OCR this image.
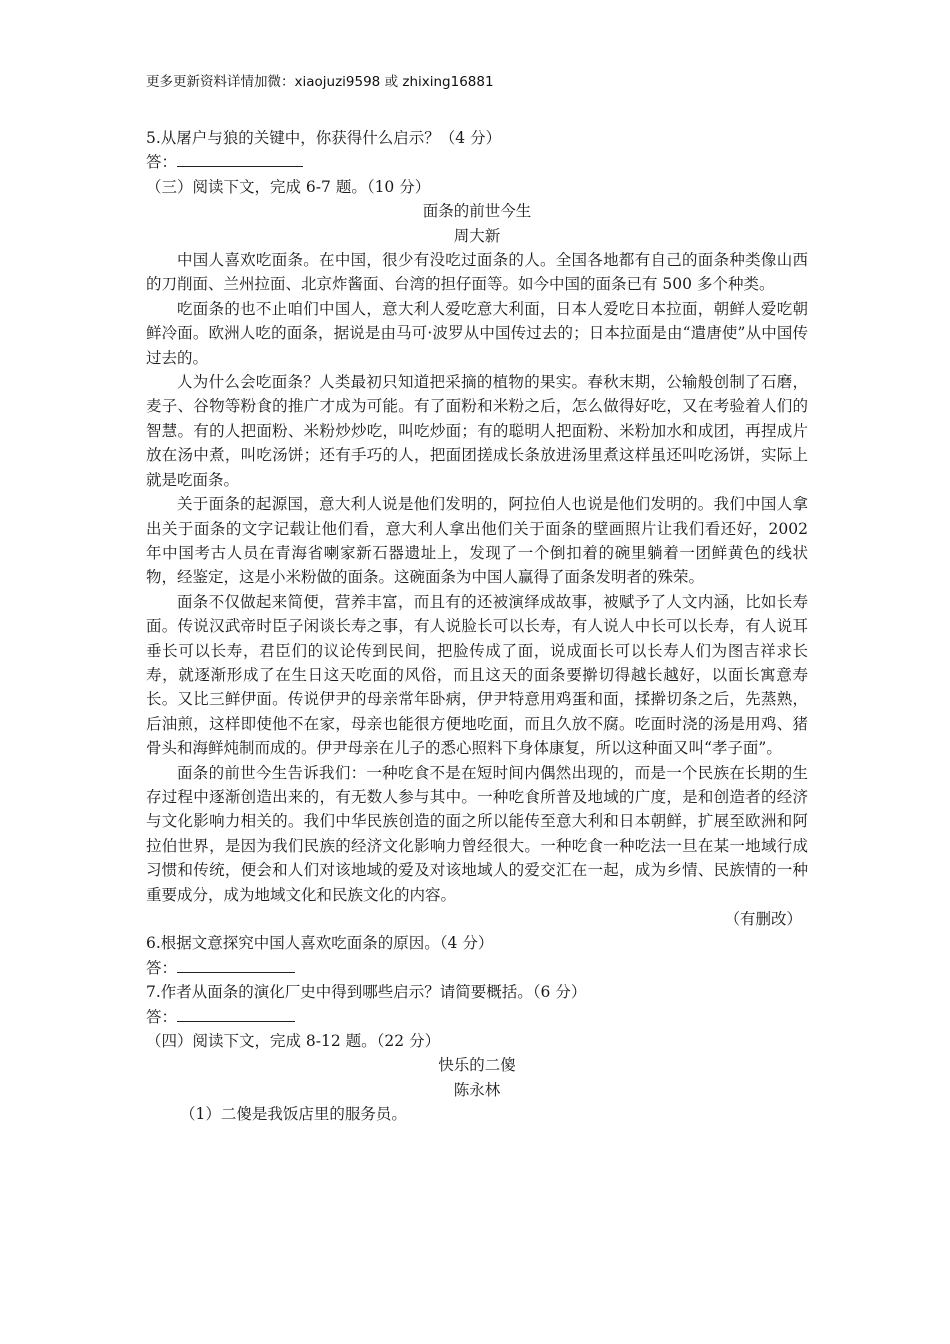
更多更新资料详情加微：xiaojuzi9598 或 zhixing16881

5.从屠户与狼的关键中，你获得什么启示？（4 分）

答：

（三）阅读下文，完成 6-7 题。（10 分）

面条的前世今生

周大新

中国人喜欢吃面条。在中国，很少有没吃过面条的人。全国各地都有自己的面条种类像山西的刀削面、兰州拉面、北京炸酱面、台湾的担仔面等。如今中国的面条已有 500 多个种类。

吃面条的也不止咱们中国人，意大利人爱吃意大利面，日本人爱吃日本拉面，朝鲜人爱吃朝鲜冷面。欧洲人吃的面条，据说是由马可·波罗从中国传过去的；日本拉面是由“遣唐使”从中国传过去的。

人为什么会吃面条？人类最初只知道把采摘的植物的果实。春秋末期，公输般创制了石磨，麦子、谷物等粉食的推广才成为可能。有了面粉和米粉之后，怎么做得好吃，又在考验着人们的智慧。有的人把面粉、米粉炒炒吃，叫吃炒面；有的聪明人把面粉、米粉加水和成团，再捏成片放在汤中煮，叫吃汤饼；还有手巧的人，把面团搓成长条放进汤里煮这样虽还叫吃汤饼，实际上就是吃面条。

关于面条的起源国，意大利人说是他们发明的，阿拉伯人也说是他们发明的。我们中国人拿出关于面条的文字记载让他们看，意大利人拿出他们关于面条的壁画照片让我们看还好，2002 年中国考古人员在青海省喇家新石器遗址上，发现了一个倒扣着的碗里躺着一团鲜黄色的线状物，经鉴定，这是小米粉做的面条。这碗面条为中国人赢得了面条发明者的殊荣。

面条不仅做起来简便，营养丰富，而且有的还被演绎成故事，被赋予了人文内涵，比如长寿面。传说汉武帝时臣子闲谈长寿之事，有人说脸长可以长寿，有人说人中长可以长寿，有人说耳垂长可以长寿，君臣们的议论传到民间，把脸传成了面，说成面长可以长寿人们为图吉祥求长寿，就逐渐形成了在生日这天吃面的风俗，而且这天的面条要擀切得越长越好，以面长寓意寿长。又比三鲜伊面。传说伊尹的母亲常年卧病，伊尹特意用鸡蛋和面，揉擀切条之后，先蒸熟，后油煎，这样即使他不在家，母亲也能很方便地吃面，而且久放不腐。吃面时浇的汤是用鸡、猪骨头和海鲜炖制而成的。伊尹母亲在儿子的悉心照料下身体康复，所以这种面又叫“孝子面”。

面条的前世今生告诉我们：一种吃食不是在短时间内偶然出现的，而是一个民族在长期的生存过程中逐渐创造出来的，有无数人参与其中。一种吃食所普及地域的广度，是和创造者的经济与文化影响力相关的。我们中华民族创造的面之所以能传至意大利和日本朝鲜，扩展至欧洲和阿拉伯世界，是因为我们民族的经济文化影响力曾经很大。一种吃食一种吃法一旦在某一地域行成习惯和传统，便会和人们对该地域的爱及对该地域人的爱交汇在一起，成为乡情、民族情的一种重要成分，成为地域文化和民族文化的内容。

（有删改）

6.根据文意探究中国人喜欢吃面条的原因。（4 分）

答：

7.作者从面条的演化厂史中得到哪些启示？请简要概括。（6 分）

答：

（四）阅读下文，完成 8-12 题。（22 分）

快乐的二傻

陈永林

（1）二傻是我饭店里的服务员。
